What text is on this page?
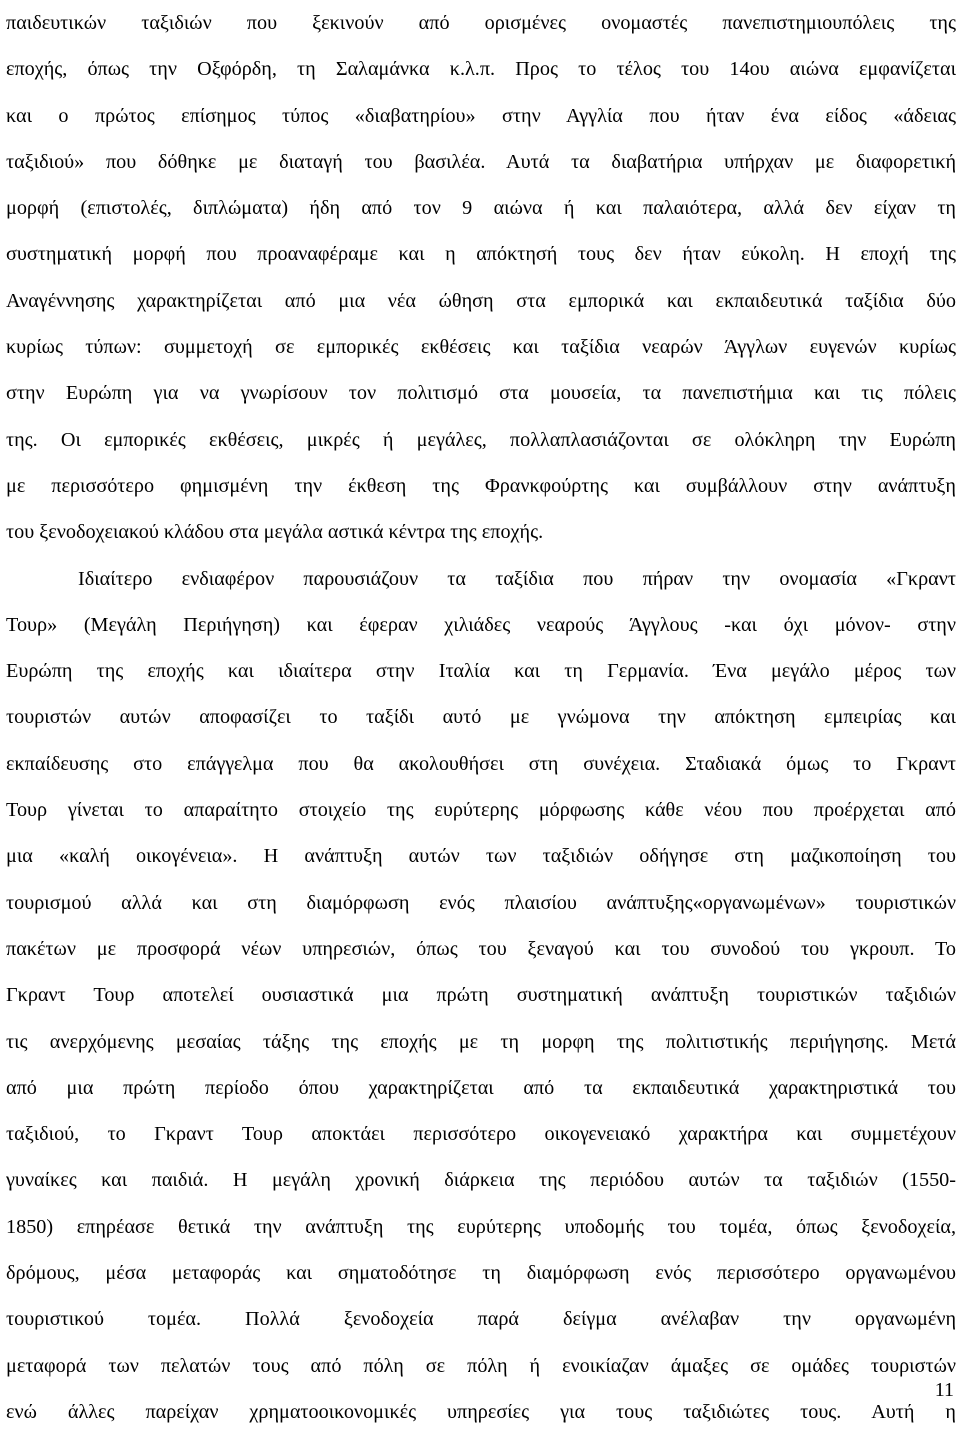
παιδευτικών ταξιδιών που ξεκινούν από ορισμένες ονομαστές πανεπιστημιουπόλεις της
εποχής, όπως την Οξφόρδη, τη Σαλαμάνκα κ.λ.π. Προς το τέλος του 14ου αιώνα εμφανίζεται
και ο πρώτος επίσημος τύπος «διαβατηρίου» στην Αγγλία που ήταν ένα είδος «άδειας
ταξιδιού» που δόθηκε με διαταγή του βασιλέα. Αυτά τα διαβατήρια υπήρχαν με διαφορετική
μορφή (επιστολές, διπλώματα) ήδη από τον 9 αιώνα ή και παλαιότερα, αλλά δεν είχαν τη
συστηματική μορφή που προαναφέραμε και η απόκτησή τους δεν ήταν εύκολη. Η εποχή της
Αναγέννησης χαρακτηρίζεται από μια νέα ώθηση στα εμπορικά και εκπαιδευτικά ταξίδια δύο
κυρίως τύπων: συμμετοχή σε εμπορικές εκθέσεις και ταξίδια νεαρών Άγγλων ευγενών κυρίως
στην Ευρώπη για να γνωρίσουν τον πολιτισμό στα μουσεία, τα πανεπιστήμια και τις πόλεις
της. Οι εμπορικές εκθέσεις, μικρές ή μεγάλες, πολλαπλασιάζονται σε ολόκληρη την Ευρώπη
με περισσότερο φημισμένη την έκθεση της Φρανκφούρτης και συμβάλλουν στην ανάπτυξη
του ξενοδοχειακού κλάδου στα μεγάλα αστικά κέντρα της εποχής.
Ιδιαίτερο ενδιαφέρον παρουσιάζουν τα ταξίδια που πήραν την ονομασία «Γκραντ
Τουρ» (Μεγάλη Περιήγηση) και έφεραν χιλιάδες νεαρούς Άγγλους -και όχι μόνον- στην
Ευρώπη της εποχής και ιδιαίτερα στην Ιταλία και τη Γερμανία. Ένα μεγάλο μέρος των
τουριστών αυτών αποφασίζει το ταξίδι αυτό με γνώμονα την απόκτηση εμπειρίας και
εκπαίδευσης στο επάγγελμα που θα ακολουθήσει στη συνέχεια. Σταδιακά όμως το Γκραντ
Τουρ γίνεται το απαραίτητο στοιχείο της ευρύτερης μόρφωσης κάθε νέου που προέρχεται από
μια «καλή οικογένεια». Η ανάπτυξη αυτών των ταξιδιών οδήγησε στη μαζικοποίηση του
τουρισμού αλλά και στη διαμόρφωση ενός πλαισίου ανάπτυξης«οργανωμένων» τουριστικών
πακέτων με προσφορά νέων υπηρεσιών, όπως του ξεναγού και του συνοδού του γκρουπ. Το
Γκραντ Τουρ αποτελεί ουσιαστικά μια πρώτη συστηματική ανάπτυξη τουριστικών ταξιδιών
τις ανερχόμενης μεσαίας τάξης της εποχής με τη μορφη της πολιτιστικής περιήγησης. Μετά
από μια πρώτη περίοδο όπου χαρακτηρίζεται από τα εκπαιδευτικά χαρακτηριστικά του
ταξιδιού, το Γκραντ Τουρ αποκτάει περισσότερο οικογενειακό χαρακτήρα και συμμετέχουν
γυναίκες και παιδιά. Η μεγάλη χρονική διάρκεια της περιόδου αυτών τα ταξιδιών (1550-
1850) επηρέασε θετικά την ανάπτυξη της ευρύτερης υποδομής του τομέα, όπως ξενοδοχεία,
δρόμους, μέσα μεταφοράς και σηματοδότησε τη διαμόρφωση ενός περισσότερο οργανωμένου
τουριστικού τομέα. Πολλά ξενοδοχεία παρά δείγμα ανέλαβαν την οργανωμένη
μεταφορά των πελατών τους από πόλη σε πόλη ή ενοικίαζαν άμαξες σε ομάδες τουριστών
ενώ άλλες παρείχαν χρηματοοικονομικές υπηρεσίες για τους ταξιδιώτες τους. Αυτή η
11
